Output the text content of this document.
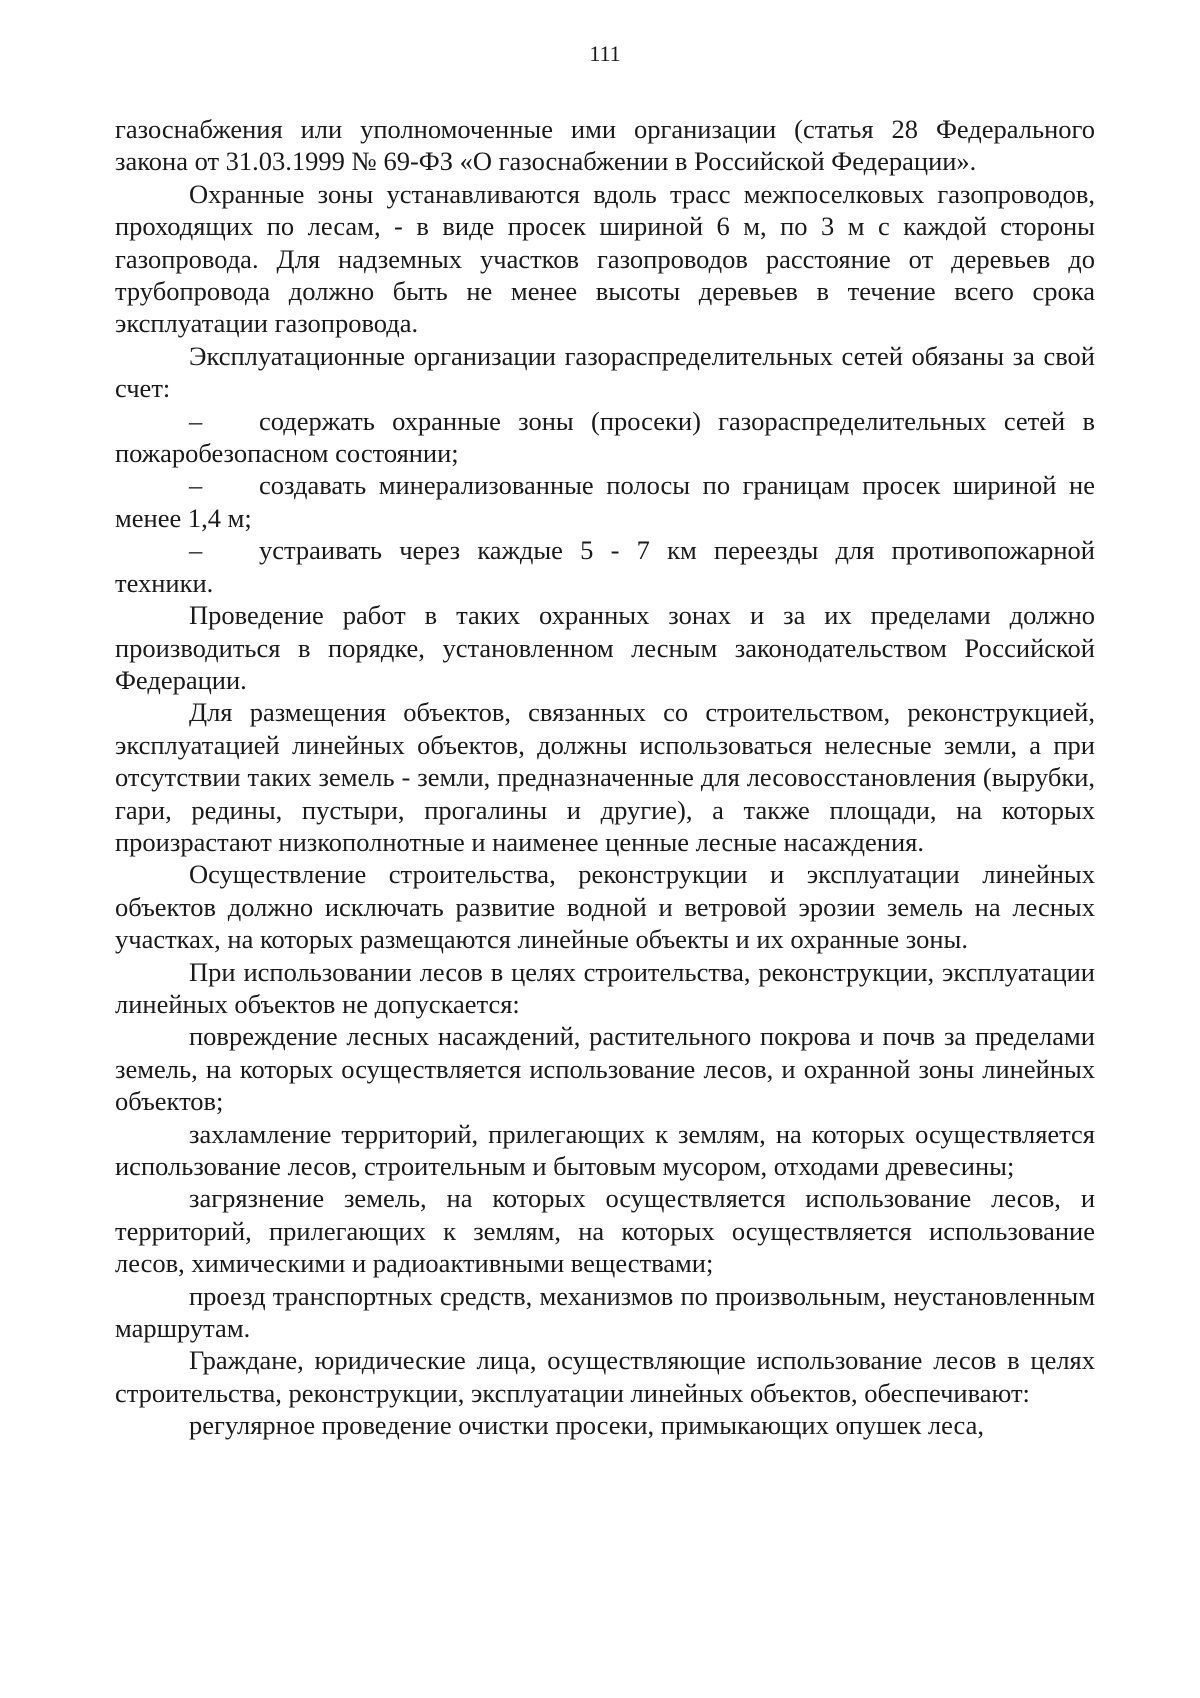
111

газоснабжения или уполномоченные ими организации (статья 28 Федерального закона от 31.03.1999 № 69-ФЗ «О газоснабжении в Российской Федерации».

Охранные зоны устанавливаются вдоль трасс межпоселковых газопроводов, проходящих по лесам, - в виде просек шириной 6 м, по 3 м с каждой стороны газопровода. Для надземных участков газопроводов расстояние от деревьев до трубопровода должно быть не менее высоты деревьев в течение всего срока эксплуатации газопровода.

Эксплуатационные организации газораспределительных сетей обязаны за свой счет:

– содержать охранные зоны (просеки) газораспределительных сетей в пожаробезопасном состоянии;

– создавать минерализованные полосы по границам просек шириной не менее 1,4 м;

– устраивать через каждые 5 - 7 км переезды для противопожарной техники.

Проведение работ в таких охранных зонах и за их пределами должно производиться в порядке, установленном лесным законодательством Российской Федерации.

Для размещения объектов, связанных со строительством, реконструкцией, эксплуатацией линейных объектов, должны использоваться нелесные земли, а при отсутствии таких земель - земли, предназначенные для лесовосстановления (вырубки, гари, редины, пустыри, прогалины и другие), а также площади, на которых произрастают низкополнотные и наименее ценные лесные насаждения.

Осуществление строительства, реконструкции и эксплуатации линейных объектов должно исключать развитие водной и ветровой эрозии земель на лесных участках, на которых размещаются линейные объекты и их охранные зоны.

При использовании лесов в целях строительства, реконструкции, эксплуатации линейных объектов не допускается:

повреждение лесных насаждений, растительного покрова и почв за пределами земель, на которых осуществляется использование лесов, и охранной зоны линейных объектов;

захламление территорий, прилегающих к землям, на которых осуществляется использование лесов, строительным и бытовым мусором, отходами древесины;

загрязнение земель, на которых осуществляется использование лесов, и территорий, прилегающих к землям, на которых осуществляется использование лесов, химическими и радиоактивными веществами;

проезд транспортных средств, механизмов по произвольным, неустановленным маршрутам.

Граждане, юридические лица, осуществляющие использование лесов в целях строительства, реконструкции, эксплуатации линейных объектов, обеспечивают:

регулярное проведение очистки просеки, примыкающих опушек леса,
